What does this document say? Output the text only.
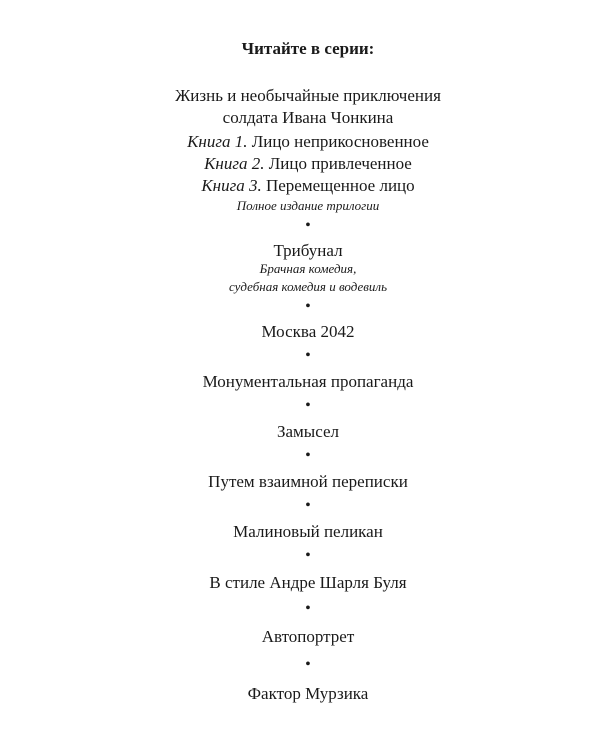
Читайте в серии:
Жизнь и необычайные приключения
солдата Ивана Чонкина
Книга 1. Лицо неприкосновенное
Книга 2. Лицо привлеченное
Книга 3. Перемещенное лицо
Полное издание трилогии
•
Трибунал
Брачная комедия,
судебная комедия и водевиль
•
Москва 2042
•
Монументальная пропаганда
•
Замысел
•
Путем взаимной переписки
•
Малиновый пеликан
•
В стиле Андре Шарля Буля
•
Автопортрет
•
Фактор Мурзика
